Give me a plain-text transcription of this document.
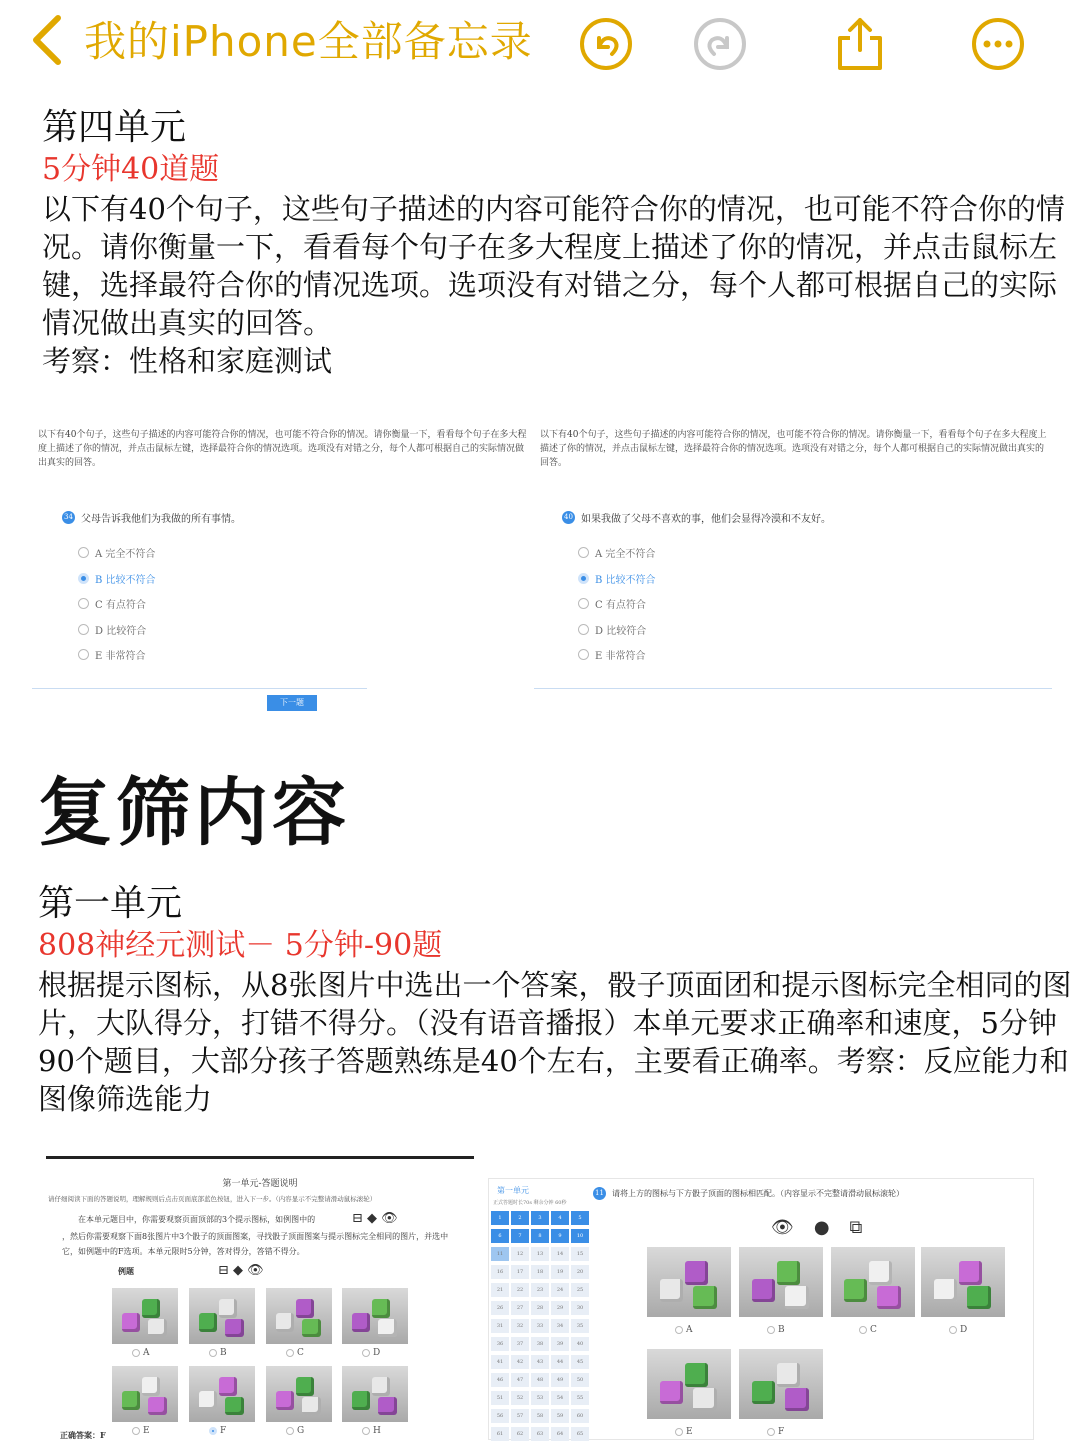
我的iPhone全部备忘录
第四单元
5分钟40道题
以下有40个句子，这些句子描述的内容可能符合你的情况，也可能不符合你的情况。请你衡量一下，看看每个句子在多大程度上描述了你的情况，并点击鼠标左键，选择最符合你的情况选项。选项没有对错之分，每个人都可根据自己的实际情况做出真实的回答。
考察：性格和家庭测试
以下有40个句子，这些句子描述的内容可能符合你的情况，也可能不符合你的情况。请你衡量一下，看看每个句子在多大程度上描述了你的情况，并点击鼠标左键，选择最符合你的情况选项。选项没有对错之分，每个人都可根据自己的实际情况做出真实的回答。
34 父母告诉我他们为我做的所有事情。
下一题
A 完全不符合
B 比较不符合
C 有点符合
D 比较符合
E 非常符合
以下有40个句子，这些句子描述的内容可能符合你的情况，也可能不符合你的情况。请你衡量一下，看看每个句子在多大程度上描述了你的情况，并点击鼠标左键，选择最符合你的情况选项。选项没有对错之分，每个人都可根据自己的实际情况做出真实的回答。
40 如果我做了父母不喜欢的事，他们会显得冷漠和不友好。
A 完全不符合
B 比较不符合
C 有点符合
D 比较符合
E 非常符合
复筛内容
第一单元
808神经元测试－ 5分钟-90题
根据提示图标，从8张图片中选出一个答案，骰子顶面团和提示图标完全相同的图片，大队得分，打错不得分。（没有语音播报）本单元要求正确率和速度，5分钟90个题目，大部分孩子答题熟练是40个左右，主要看正确率。考察：反应能力和图像筛选能力
第一单元-答题说明
请仔细阅读下面的答题说明，理解规则后点击页面底部蓝色按钮，进入下一步。（内容显示不完整请滑动鼠标滚轮）
在本单元题目中，你需要观察页面顶部的3个提示图标，如例图中的	⊟ ◆ 👁
，然后你需要观察下面8张图片中3个骰子的顶面图案，寻找骰子顶面图案与提示图标完全相同的图片，并选中它，如例题中的F选项。本单元限时5分钟，答对得分，答错不得分。
例题	⊟ ◆ 👁
正确答案：F
A	B	C	D
E	F	G	H
第一单元
正式答题时长70s 剩余分钟 60秒
11 请将上方的图标与下方骰子顶面的图标相匹配。（内容显示不完整请滑动鼠标滚轮）
👁●⧉
A	B	C	D
E	F
1	2	3	4	5
6	7	8	9	10
11	12	13	14	15
16	17	18	19	20
21	22	23	24	25
26	27	28	29	30
31	32	33	34	35
36	37	38	39	40
41	42	43	44	45
46	47	48	49	50
51	52	53	54	55
56	57	58	59	60
61	62	63	64	65
